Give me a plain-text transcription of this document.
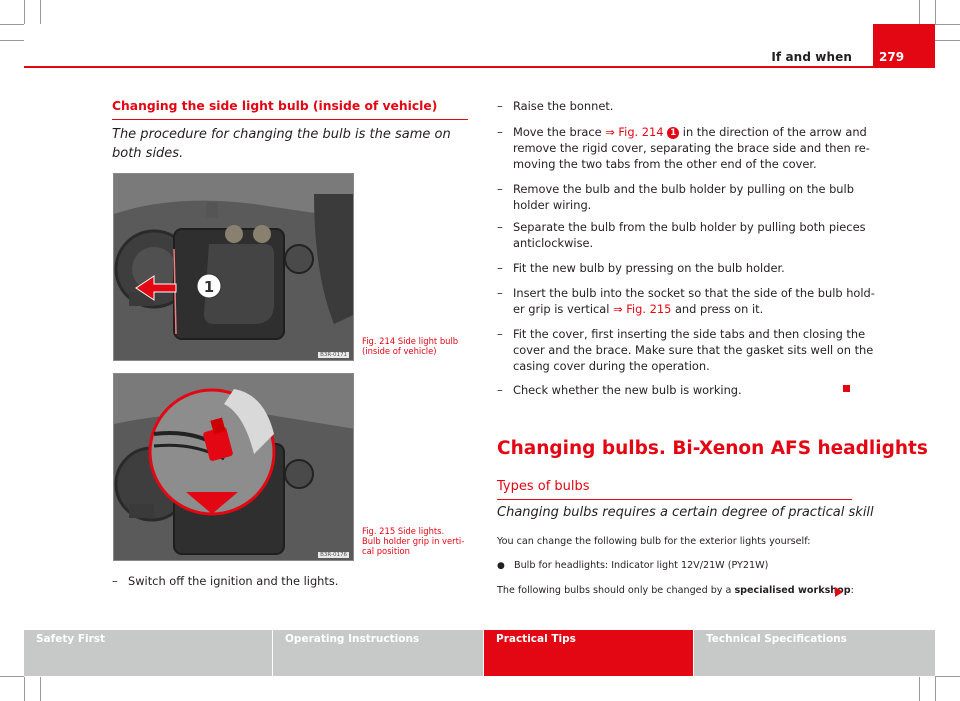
If and when	279
Changing the side light bulb (inside of vehicle)
The procedure for changing the bulb is the same on both sides.
1
B3R-0171
Fig. 214 Side light bulb
(inside of vehicle)
B3R-0176
Fig. 215 Side lights.
Bulb holder grip in verti-
cal position
– Switch off the ignition and the lights.
– Raise the bonnet.
– Move the brace ⇒ Fig. 214 1 in the direction of the arrow and
remove the rigid cover, separating the brace side and then re-
moving the two tabs from the other end of the cover.
– Remove the bulb and the bulb holder by pulling on the bulb
holder wiring.
– Separate the bulb from the bulb holder by pulling both pieces
anticlockwise.
– Fit the new bulb by pressing on the bulb holder.
– Insert the bulb into the socket so that the side of the bulb hold-
er grip is vertical ⇒ Fig. 215 and press on it.
– Fit the cover, first inserting the side tabs and then closing the
cover and the brace. Make sure that the gasket sits well on the
casing cover during the operation.
– Check whether the new bulb is working.
Changing bulbs. Bi-Xenon AFS headlights
Types of bulbs
Changing bulbs requires a certain degree of practical skill
You can change the following bulb for the exterior lights yourself:
● Bulb for headlights: Indicator light 12V/21W (PY21W)
The following bulbs should only be changed by a specialised workshop:
Safety First	Operating Instructions	Practical Tips	Technical Specifications
